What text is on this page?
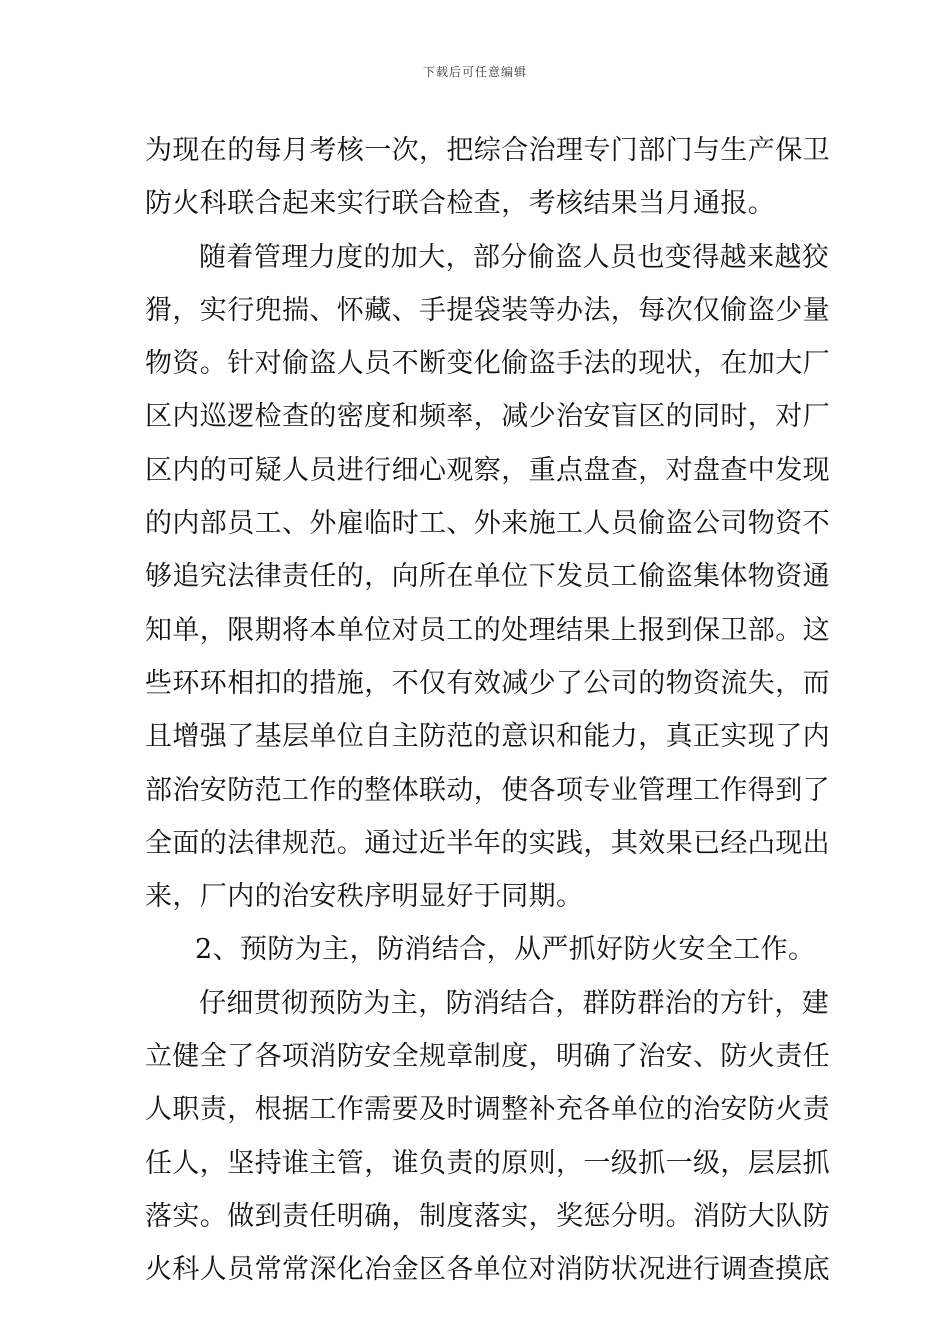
下载后可任意编辑
为现在的每月考核一次，把综合治理专门部门与生产保卫
防火科联合起来实行联合检查，考核结果当月通报。
随着管理力度的加大，部分偷盗人员也变得越来越狡
猾，实行兜揣、怀藏、手提袋装等办法，每次仅偷盗少量
物资。针对偷盗人员不断变化偷盗手法的现状，在加大厂
区内巡逻检查的密度和频率，减少治安盲区的同时，对厂
区内的可疑人员进行细心观察，重点盘查，对盘查中发现
的内部员工、外雇临时工、外来施工人员偷盗公司物资不
够追究法律责任的，向所在单位下发员工偷盗集体物资通
知单，限期将本单位对员工的处理结果上报到保卫部。这
些环环相扣的措施，不仅有效减少了公司的物资流失，而
且增强了基层单位自主防范的意识和能力，真正实现了内
部治安防范工作的整体联动，使各项专业管理工作得到了
全面的法律规范。通过近半年的实践，其效果已经凸现出
来，厂内的治安秩序明显好于同期。
2、预防为主，防消结合，从严抓好防火安全工作。
仔细贯彻预防为主，防消结合，群防群治的方针，建
立健全了各项消防安全规章制度，明确了治安、防火责任
人职责，根据工作需要及时调整补充各单位的治安防火责
任人，坚持谁主管，谁负责的原则，一级抓一级，层层抓
落实。做到责任明确，制度落实，奖惩分明。消防大队防
火科人员常常深化冶金区各单位对消防状况进行调查摸底
